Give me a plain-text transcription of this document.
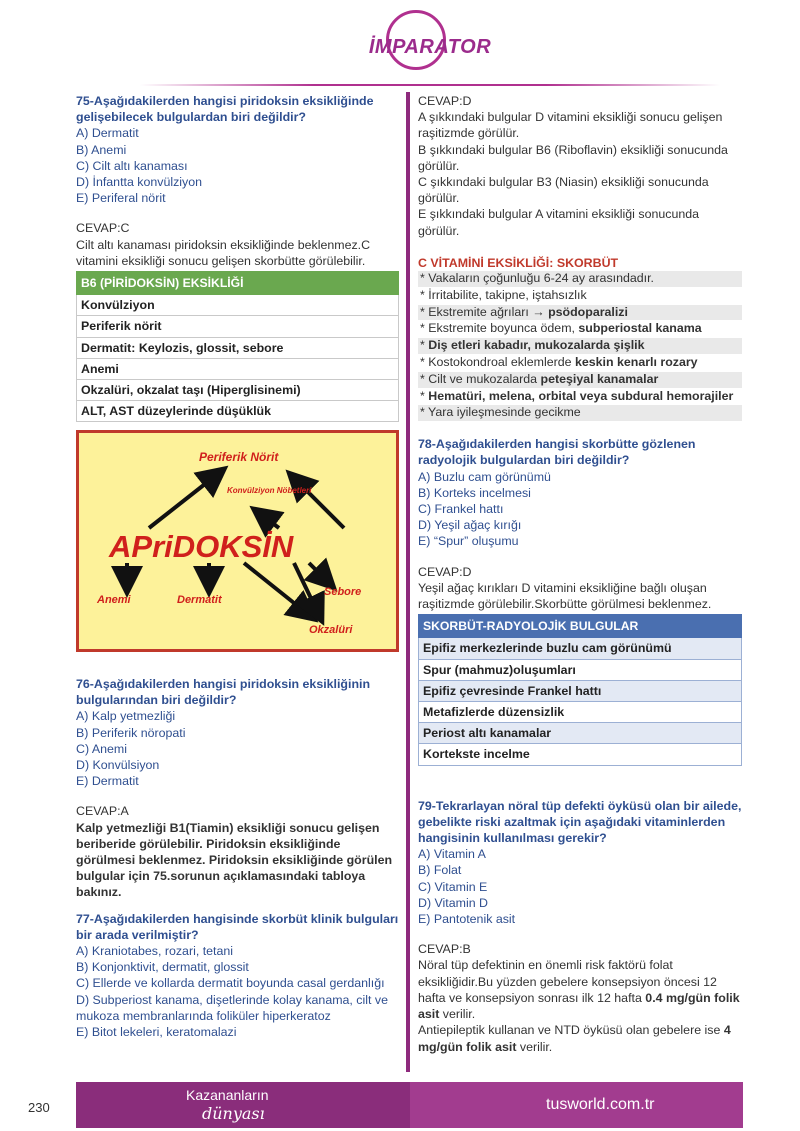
İMPARATOR
75-Aşağıdakilerden hangisi piridoksin eksikliğinde gelişebilecek bulgulardan biri değildir?
A) Dermatit
B) Anemi
C) Cilt altı kanaması
D) İnfantta konvülziyon
E) Periferal nörit
CEVAP:C
Cilt altı kanaması piridoksin eksikliğinde beklenmez.C vitamini eksikliği sonucu gelişen skorbütte görülebilir.
B6 (PİRİDOKSİN) EKSİKLİĞİ
Konvülziyon
Periferik nörit
Dermatit: Keylozis, glossit, sebore
Anemi
Okzalüri, okzalat taşı (Hiperglisinemi)
ALT, AST düzeylerinde düşüklük
Periferik Nörit
Konvülziyon Nöbetleri
APriDOKSİN
Anemi	Dermatit
Sebore
Okzalüri
76-Aşağıdakilerden hangisi piridoksin eksikliğinin bulgularından biri değildir?
A) Kalp yetmezliği
B) Periferik nöropati
C) Anemi
D) Konvülsiyon
E) Dermatit
CEVAP:A
Kalp yetmezliği B1(Tiamin) eksikliği sonucu gelişen beriberide görülebilir. Piridoksin eksikliğinde görülmesi beklenmez. Piridoksin eksikliğinde görülen bulgular için 75.sorunun açıklamasındaki tabloya bakınız.
77-Aşağıdakilerden hangisinde skorbüt klinik bulguları bir arada verilmiştir?
A) Kraniotabes, rozari, tetani
B) Konjonktivit, dermatit, glossit
C) Ellerde ve kollarda dermatit boyunda casal gerdanlığı
D) Subperiost kanama, dişetlerinde kolay kanama, cilt ve mukoza membranlarında foliküler hiperkeratoz
E) Bitot lekeleri, keratomalazi
CEVAP:D
A şıkkındaki bulgular D vitamini eksikliği sonucu gelişen raşitizmde görülür.
B şıkkındaki bulgular B6 (Riboflavin) eksikliği sonucunda görülür.
C şıkkındaki bulgular B3 (Niasin) eksikliği sonucunda görülür.
E şıkkındaki bulgular A vitamini eksikliği sonucunda görülür.
C VİTAMİNİ EKSİKLİĞİ: SKORBÜT
* Vakaların çoğunluğu 6-24 ay arasındadır.
* İrritabilite, takipne, iştahsızlık
* Ekstremite ağrıları → psödoparalizi
* Ekstremite boyunca ödem, subperiostal kanama
* Diş etleri kabadır, mukozalarda şişlik
* Kostokondroal eklemlerde keskin kenarlı rozary
* Cilt ve mukozalarda peteşiyal kanamalar
* Hematüri, melena, orbital veya subdural hemorajiler
* Yara iyileşmesinde gecikme
78-Aşağıdakilerden hangisi skorbütte gözlenen radyolojik bulgulardan biri değildir?
A) Buzlu cam görünümü
B) Korteks incelmesi
C) Frankel hattı
D) Yeşil ağaç kırığı
E) “Spur” oluşumu
CEVAP:D
Yeşil ağaç kırıkları D vitamini eksikliğine bağlı oluşan raşitizmde görülebilir.Skorbütte görülmesi beklenmez.
SKORBÜT-RADYOLOJİK BULGULAR
Epifiz merkezlerinde buzlu cam görünümü
Spur (mahmuz)oluşumları
Epifiz çevresinde Frankel hattı
Metafizlerde düzensizlik
Periost altı kanamalar
Kortekste incelme
79-Tekrarlayan nöral tüp defekti öyküsü olan bir ailede, gebelikte riski azaltmak için aşağıdaki vitaminlerden hangisinin kullanılması gerekir?
A) Vitamin A
B) Folat
C) Vitamin E
D) Vitamin D
E) Pantotenik asit
CEVAP:B
Nöral tüp defektinin en önemli risk faktörü folat eksikliğidir.Bu yüzden gebelere konsepsiyon öncesi 12 hafta ve konsepsiyon sonrası ilk 12 hafta 0.4 mg/gün folik asit verilir.
Antiepileptik kullanan ve NTD öyküsü olan gebelere ise 4 mg/gün folik asit verilir.
230
Kazananların
dünyası	tusworld.com.tr
